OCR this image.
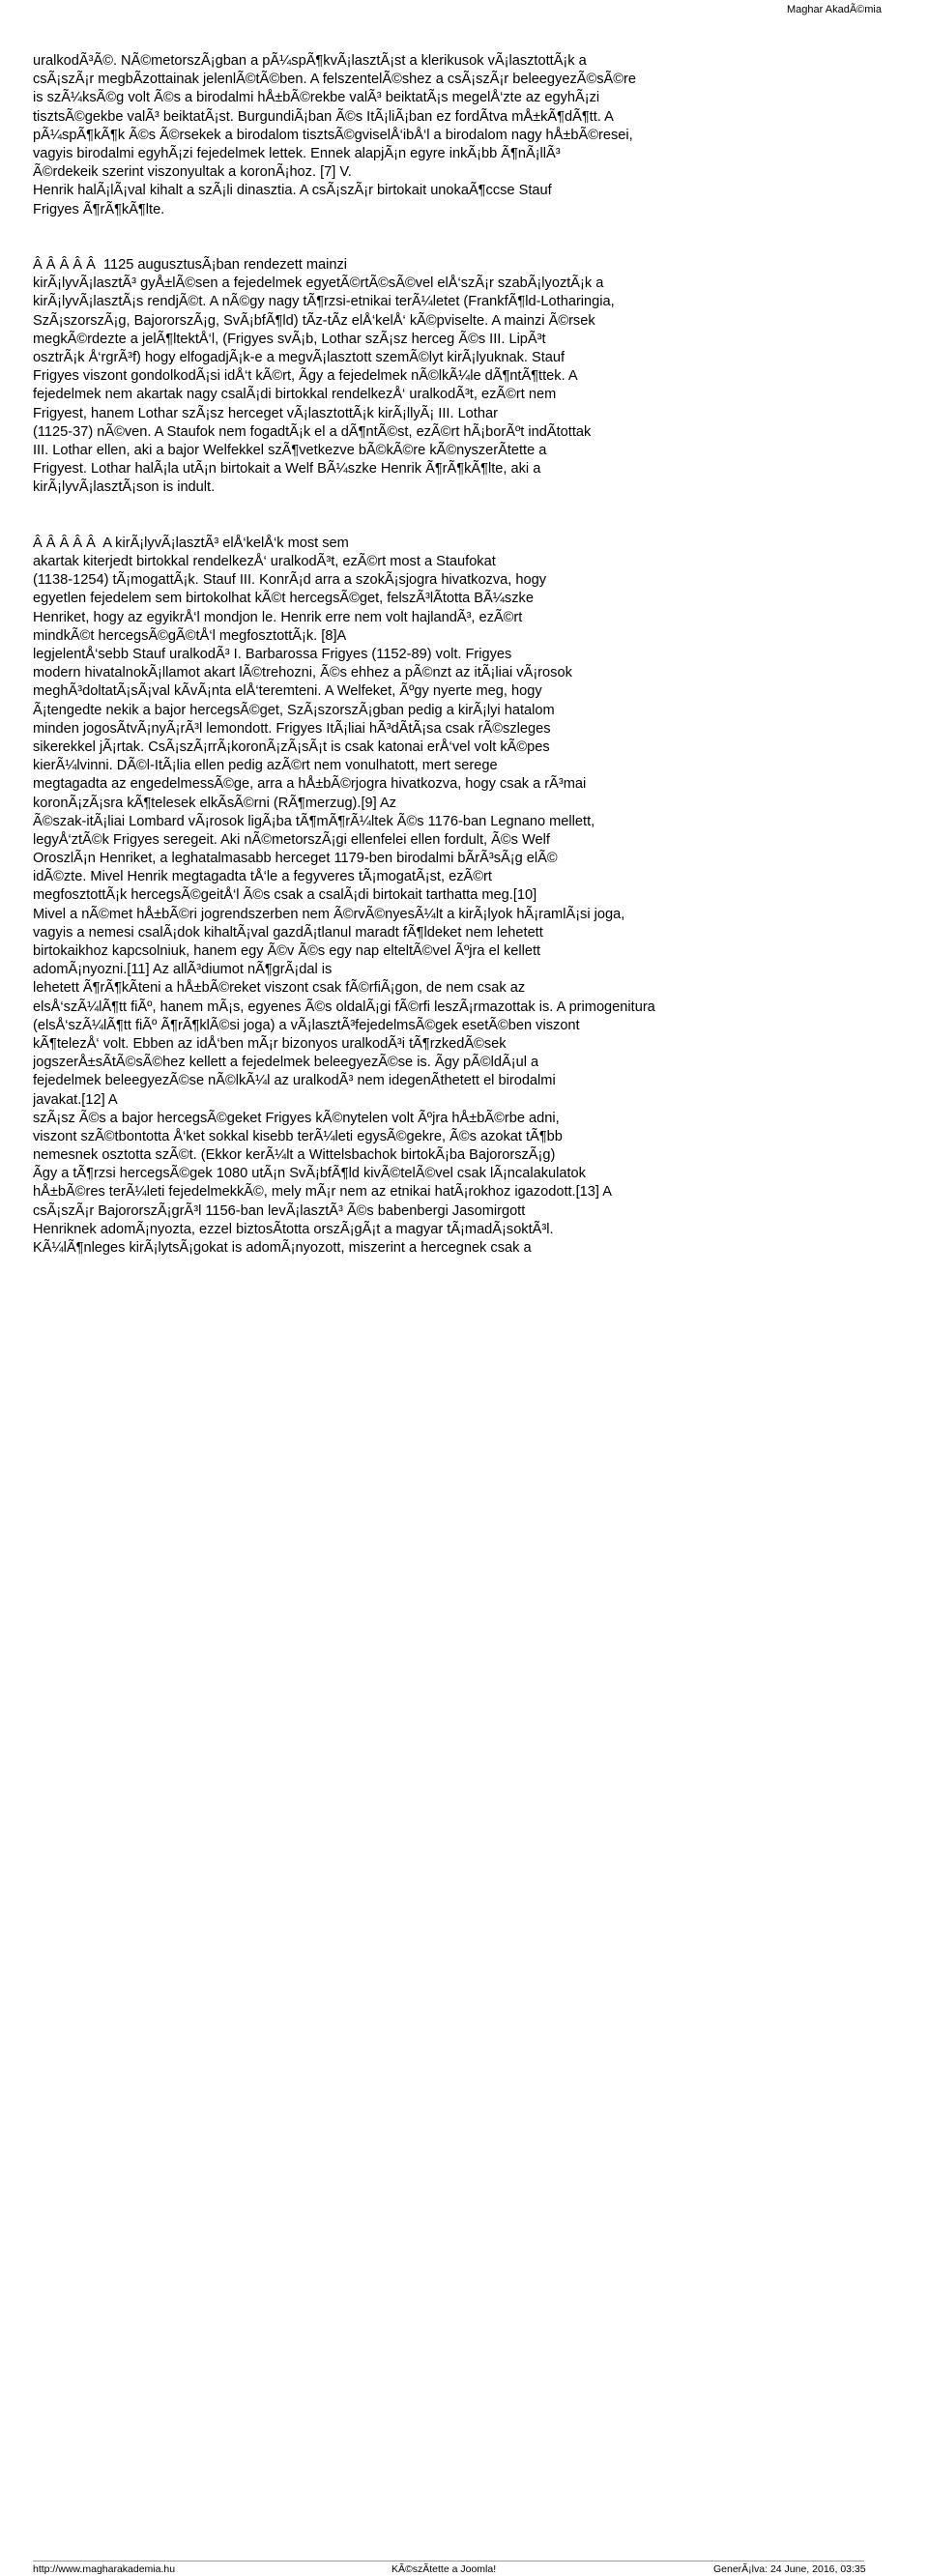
Maghar AkadÃ©mia
uralkodÃ³Ã©. NÃ©metorszÃ¡gban a pÃ¼spÃ¶kvÃ¡lasztÃ¡st a klerikusok vÃ¡lasztottÃ¡k a
csÃ¡szÃ¡r megbÃzottainak jelenlÃ©tÃ©ben. A felszentelÃ©shez a csÃ¡szÃ¡r beleegyezÃ©sÃ©re
is szÃ¼ksÃ©g volt Ã©s a birodalmi hÅ±bÃ©rekbe valÃ³ beiktatÃ¡s megelÅ‘zte az egyhÃ¡zi
tisztsÃ©gekbe valÃ³ beiktatÃ¡st. BurgundiÃ¡ban Ã©s ItÃ¡liÃ¡ban ez fordÃtva mÅ±kÃ¶dÃ¶tt. A
pÃ¼spÃ¶kÃ¶k Ã©s Ã©rsekek a birodalom tisztsÃ©gviselÅ‘ibÅ‘l a birodalom nagy hÅ±bÃ©resei,
vagyis birodalmi egyhÃ¡zi fejedelmek lettek. Ennek alapjÃ¡n egyre inkÃ¡bb Ã¶nÃ¡llÃ³
Ã©rdekeik szerint viszonyultak a koronÃ¡hoz. [7] V.
Henrik halÃ¡lÃ¡val kihalt a szÃ¡li dinasztia. A csÃ¡szÃ¡r birtokait unokaÃ¶ccse Stauf
Frigyes Ã¶rÃ¶kÃ¶lte.
Â Â Â Â Â  1125 augusztusÃ¡ban rendezett mainzi
kirÃ¡lyvÃ¡lasztÃ³ gyÅ±lÃ©sen a fejedelmek egyetÃ©rtÃ©sÃ©vel elÅ‘szÃ¡r szabÃ¡lyoztÃ¡k a
kirÃ¡lyvÃ¡lasztÃ¡s rendjÃ©t. A nÃ©gy nagy tÃ¶rzsi-etnikai terÃ¼letet (FrankfÃ¶ld-Lotharingia,
SzÃ¡szorszÃ¡g, BajororszÃ¡g, SvÃ¡bfÃ¶ld) tÃz-tÃz elÅ‘kelÅ‘ kÃ©pviselte. A mainzi Ã©rsek
megkÃ©rdezte a jelÃ¶ltektÅ‘l, (Frigyes svÃ¡b, Lothar szÃ¡sz herceg Ã©s III. LipÃ³t
osztrÃ¡k Å‘rgrÃ³f) hogy elfogadjÃ¡k-e a megvÃ¡lasztott szemÃ©lyt kirÃ¡lyuknak. Stauf
Frigyes viszont gondolkodÃ¡si idÅ‘t kÃ©rt, Ãgy a fejedelmek nÃ©lkÃ¼le dÃ¶ntÃ¶ttek. A
fejedelmek nem akartak nagy csalÃ¡di birtokkal rendelkezÅ‘ uralkodÃ³t, ezÃ©rt nem
Frigyest, hanem Lothar szÃ¡sz herceget vÃ¡lasztottÃ¡k kirÃ¡llyÃ¡ III. Lothar
(1125-37) nÃ©ven. A Staufok nem fogadtÃ¡k el a dÃ¶ntÃ©st, ezÃ©rt hÃ¡borÃºt indÃtottak
III. Lothar ellen, aki a bajor Welfekkel szÃ¶vetkezve bÃ©kÃ©re kÃ©nyszerÃtette a
Frigyest. Lothar halÃ¡la utÃ¡n birtokait a Welf BÃ¼szke Henrik Ã¶rÃ¶kÃ¶lte, aki a
kirÃ¡lyvÃ¡lasztÃ¡son is indult.
Â Â Â Â Â  A kirÃ¡lyvÃ¡lasztÃ³ elÅ‘kelÅ‘k most sem
akartak kiterjedt birtokkal rendelkezÅ‘ uralkodÃ³t, ezÃ©rt most a Staufokat
(1138-1254) tÃ¡mogattÃ¡k. Stauf III. KonrÃ¡d arra a szokÃ¡sjogra hivatkozva, hogy
egyetlen fejedelem sem birtokolhat kÃ©t hercegsÃ©get, felszÃ³lÃtotta BÃ¼szke
Henriket, hogy az egyikrÅ‘l mondjon le. Henrik erre nem volt hajlandÃ³, ezÃ©rt
mindkÃ©t hercegsÃ©gÃ©tÅ‘l megfosztottÃ¡k. [8]A
legjelentÅ‘sebb Stauf uralkodÃ³ I. Barbarossa Frigyes (1152-89) volt. Frigyes
modern hivatalnokÃ¡llamot akart lÃ©trehozni, Ã©s ehhez a pÃ©nzt az itÃ¡liai vÃ¡rosok
meghÃ³doltatÃ¡sÃ¡val kÃvÃ¡nta elÅ‘teremteni. A Welfeket, Ãºgy nyerte meg, hogy
Ã¡tengedte nekik a bajor hercegsÃ©get, SzÃ¡szorszÃ¡gban pedig a kirÃ¡lyi hatalom
minden jogosÃtvÃ¡nyÃ¡rÃ³l lemondott. Frigyes ItÃ¡liai hÃ³dÃtÃ¡sa csak rÃ©szleges
sikerekkel jÃ¡rtak. CsÃ¡szÃ¡rrÃ¡koronÃ¡zÃ¡sÃ¡t is csak katonai erÅ‘vel volt kÃ©pes
kierÃ¼lvinni. DÃ©l-ItÃ¡lia ellen pedig azÃ©rt nem vonulhatott, mert serege
megtagadta az engedelmessÃ©ge, arra a hÅ±bÃ©rjogra hivatkozva, hogy csak a rÃ³mai
koronÃ¡zÃ¡sra kÃ¶telesek elkÃsÃ©rni (RÃ¶merzug).[9] Az
Ã©szak-itÃ¡liai Lombard vÃ¡rosok ligÃ¡ba tÃ¶mÃ¶rÃ¼ltek Ã©s 1176-ban Legnano mellett,
legyÅ‘ztÃ©k Frigyes seregeit. Aki nÃ©metorszÃ¡gi ellenfelei ellen fordult, Ã©s Welf
OroszlÃ¡n Henriket, a leghatalmasabb herceget 1179-ben birodalmi bÃrÃ³sÃ¡g elÃ©
idÃ©zte. Mivel Henrik megtagadta tÅ‘le a fegyveres tÃ¡mogatÃ¡st, ezÃ©rt
megfosztottÃ¡k hercegsÃ©geitÅ‘l Ã©s csak a csalÃ¡di birtokait tarthatta meg.[10]
Mivel a nÃ©met hÅ±bÃ©ri jogrendszerben nem Ã©rvÃ©nyesÃ¼lt a kirÃ¡lyok hÃ¡ramlÃ¡si joga,
vagyis a nemesi csalÃ¡dok kihaltÃ¡val gazdÃ¡tlanul maradt fÃ¶ldeket nem lehetett
birtokaikhoz kapcsolniuk, hanem egy Ã©v Ã©s egy nap elteltÃ©vel Ãºjra el kellett
adomÃ¡nyozni.[11] Az allÃ³diumot nÃ¶grÃ¡dal is
lehetett Ã¶rÃ¶kÃteni a hÅ±bÃ©reket viszont csak fÃ©rfiÃ¡gon, de nem csak az
elsÅ‘szÃ¼lÃ¶tt fiÃº, hanem mÃ¡s, egyenes Ã©s oldalÃ¡gi fÃ©rfi leszÃ¡rmazottak is. A primogenitura
(elsÅ‘szÃ¼lÃ¶tt fiÃº Ã¶rÃ¶klÃ©si joga) a vÃ¡lasztÃ³fejedelmsÃ©gek esetÃ©ben viszont
kÃ¶telezÅ‘ volt. Ebben az idÅ‘ben mÃ¡r bizonyos uralkodÃ³i tÃ¶rzkedÃ©sek
jogszerÅ±sÃtÃ©sÃ©hez kellett a fejedelmek beleegyezÃ©se is. Ãgy pÃ©ldÃ¡ul a
fejedelmek beleegyezÃ©se nÃ©lkÃ¼l az uralkodÃ³ nem idegenÃthetett el birodalmi
javakat.[12] A
szÃ¡sz Ã©s a bajor hercegsÃ©geket Frigyes kÃ©nytelen volt Ãºjra hÅ±bÃ©rbe adni,
viszont szÃ©tbontotta Å‘ket sokkal kisebb terÃ¼leti egysÃ©gekre, Ã©s azokat tÃ¶bb
nemesnek osztotta szÃ©t. (Ekkor kerÃ¼lt a Wittelsbachok birtokÃ¡ba BajororszÃ¡g)
Ãgy a tÃ¶rzsi hercegsÃ©gek 1080 utÃ¡n SvÃ¡bfÃ¶ld kivÃ©telÃ©vel csak lÃ¡ncalakulatok
hÅ±bÃ©res terÃ¼leti fejedelmekkÃ©, mely mÃ¡r nem az etnikai hatÃ¡rokhoz igazodott.[13] A
csÃ¡szÃ¡r BajororszÃ¡grÃ³l 1156-ban levÃ¡lasztÃ³ Ã©s babenbergi Jasomirgott
Henriknek adomÃ¡nyozta, ezzel biztosÃtotta orszÃ¡gÃ¡t a magyar tÃ¡madÃ¡soktÃ³l.
KÃ¼lÃ¶nleges kirÃ¡lytsÃ¡gokat is adomÃ¡nyozott, miszerint a hercegnek csak a
http://www.magharakademia.hu	KÃ©szÃtette a Joomla!	GenerÃ¡lva: 24 June, 2016, 03:35
